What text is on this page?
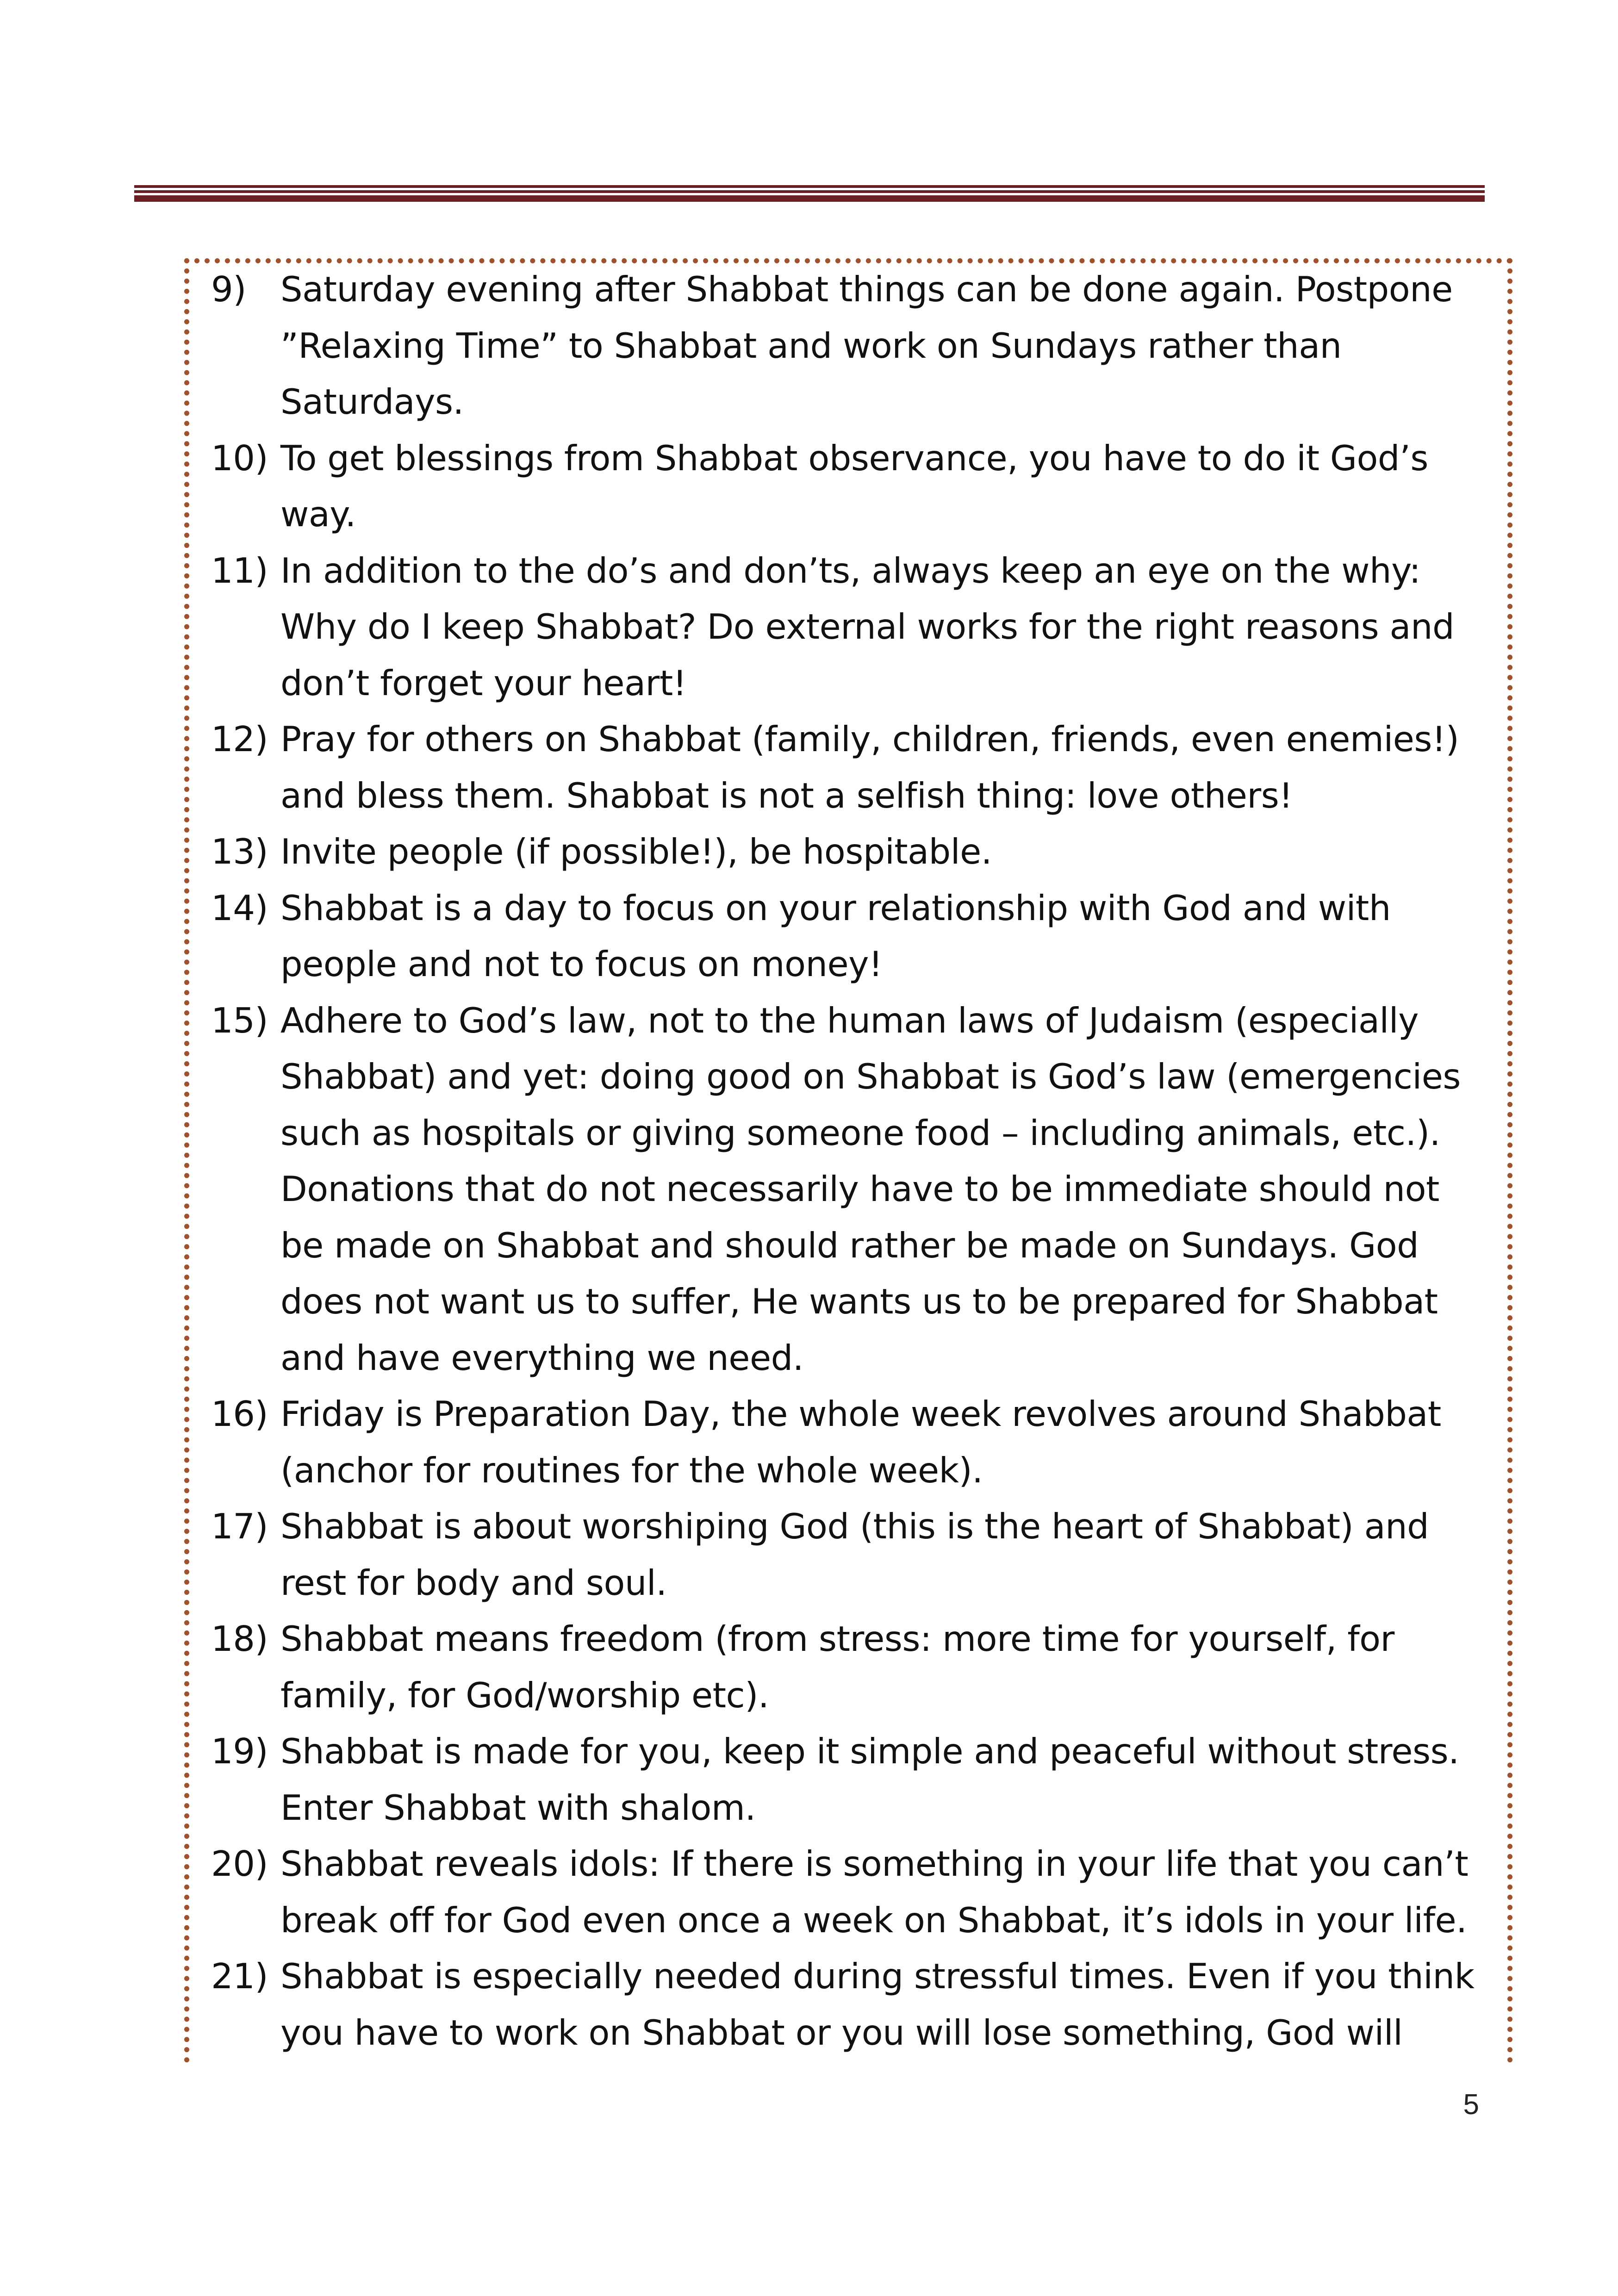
9) Saturday evening after Shabbat things can be done again. Postpone ”Relaxing Time” to Shabbat and work on Sundays rather than Saturdays.
10) To get blessings from Shabbat observance, you have to do it God’s way.
11) In addition to the do’s and don’ts, always keep an eye on the why: Why do I keep Shabbat? Do external works for the right reasons and don’t forget your heart!
12) Pray for others on Shabbat (family, children, friends, even enemies!) and bless them. Shabbat is not a selfish thing: love others!
13) Invite people (if possible!), be hospitable.
14) Shabbat is a day to focus on your relationship with God and with people and not to focus on money!
15) Adhere to God’s law, not to the human laws of Judaism (especially Shabbat) and yet: doing good on Shabbat is God’s law (emergencies such as hospitals or giving someone food – including animals, etc.). Donations that do not necessarily have to be immediate should not be made on Shabbat and should rather be made on Sundays. God does not want us to suffer, He wants us to be prepared for Shabbat and have everything we need.
16) Friday is Preparation Day, the whole week revolves around Shabbat (anchor for routines for the whole week).
17) Shabbat is about worshiping God (this is the heart of Shabbat) and rest for body and soul.
18) Shabbat means freedom (from stress: more time for yourself, for family, for God/worship etc).
19) Shabbat is made for you, keep it simple and peaceful without stress. Enter Shabbat with shalom.
20) Shabbat reveals idols: If there is something in your life that you can’t break off for God even once a week on Shabbat, it’s idols in your life.
21) Shabbat is especially needed during stressful times. Even if you think you have to work on Shabbat or you will lose something, God will
5
